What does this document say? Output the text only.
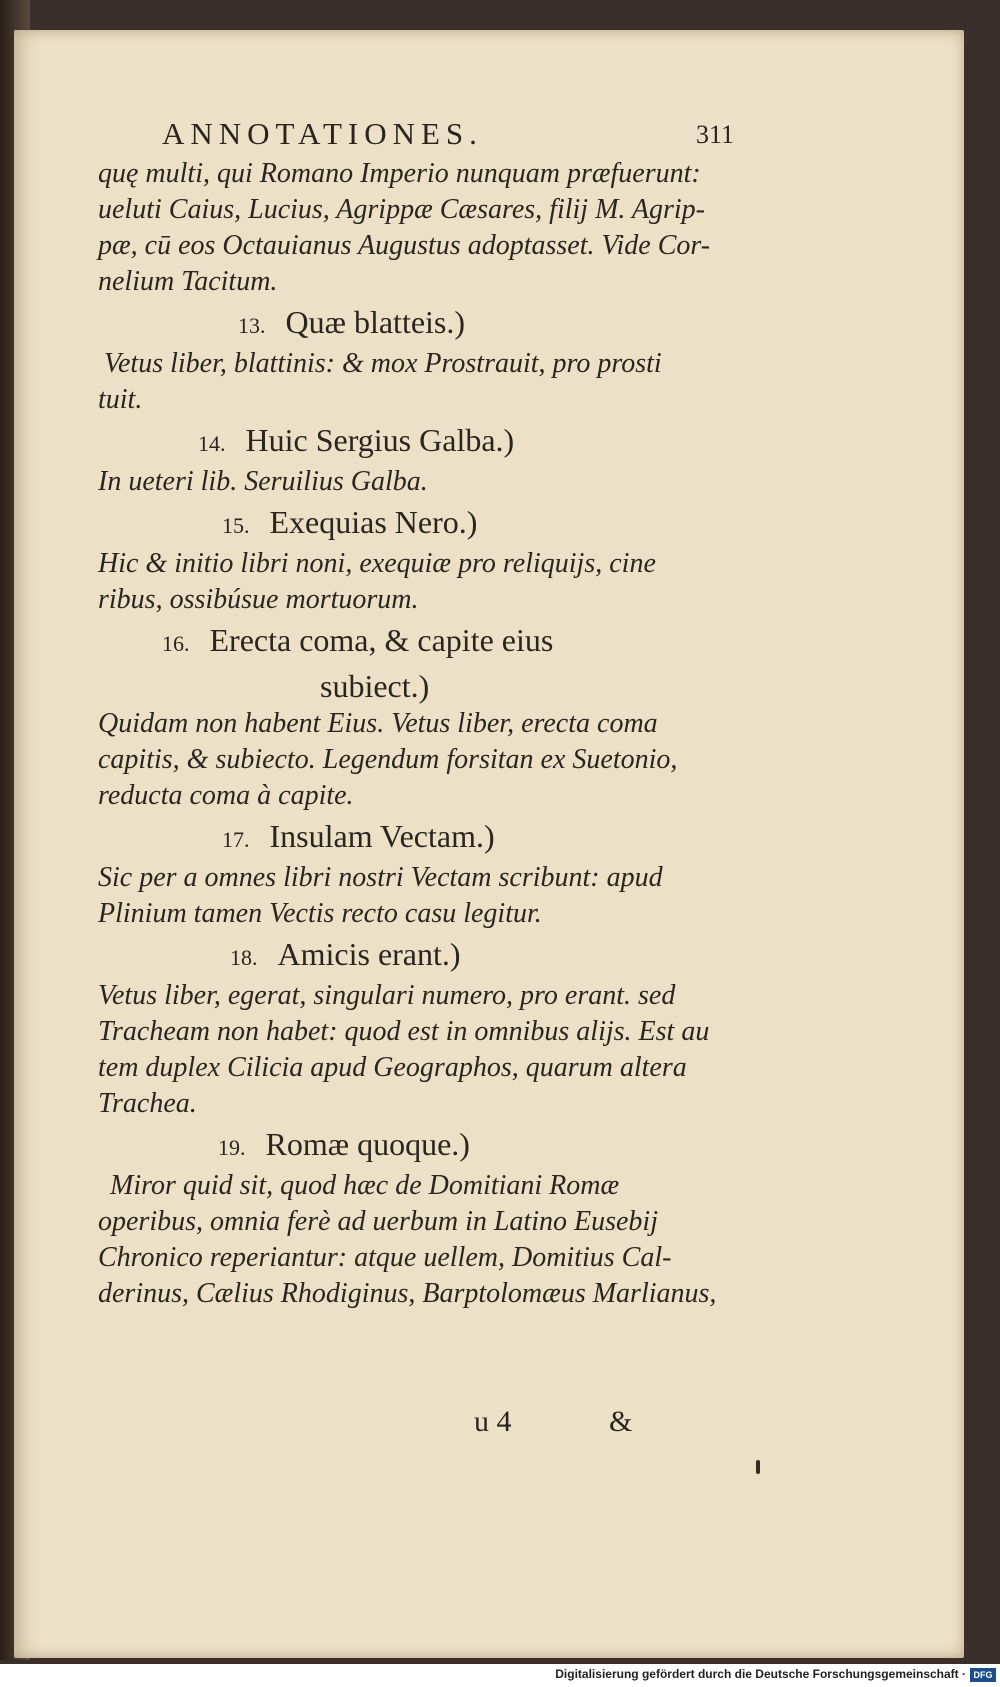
ANNOTATIONES.	311
quę multi, qui Romano Imperio nunquam præfuerunt:
ueluti Caius, Lucius, Agrippæ Cæsares, filij M. Agrip-
pæ, cū eos Octauianus Augustus adoptasset. Vide Cor-
nelium Tacitum.
13. Quæ blatteis.)
Vetus liber, blattinis: & mox Prostrauit, pro prosti
tuit.
14. Huic Sergius Galba.)
In ueteri lib. Seruilius Galba.
15. Exequias Nero.)
Hic & initio libri noni, exequiæ pro reliquijs, cine
ribus, ossibúsue mortuorum.
16. Erecta coma, & capite eius
subiect.)
Quidam non habent Eius. Vetus liber, erecta coma
capitis, & subiecto. Legendum forsitan ex Suetonio,
reducta coma à capite.
17. Insulam Vectam.)
Sic per a omnes libri nostri Vectam scribunt: apud
Plinium tamen Vectis recto casu legitur.
18. Amicis erant.)
Vetus liber, egerat, singulari numero, pro erant. sed
Tracheam non habet: quod est in omnibus alijs. Est au
tem duplex Cilicia apud Geographos, quarum altera
Trachea.
19. Romæ quoque.)
Miror quid sit, quod hæc de Domitiani Romæ
operibus, omnia ferè ad uerbum in Latino Eusebij
Chronico reperiantur: atque uellem, Domitius Cal-
derinus, Cælius Rhodiginus, Barptolomæus Marlianus,
u 4	&
Digitalisierung gefördert durch die Deutsche Forschungsgemeinschaft · DFG
